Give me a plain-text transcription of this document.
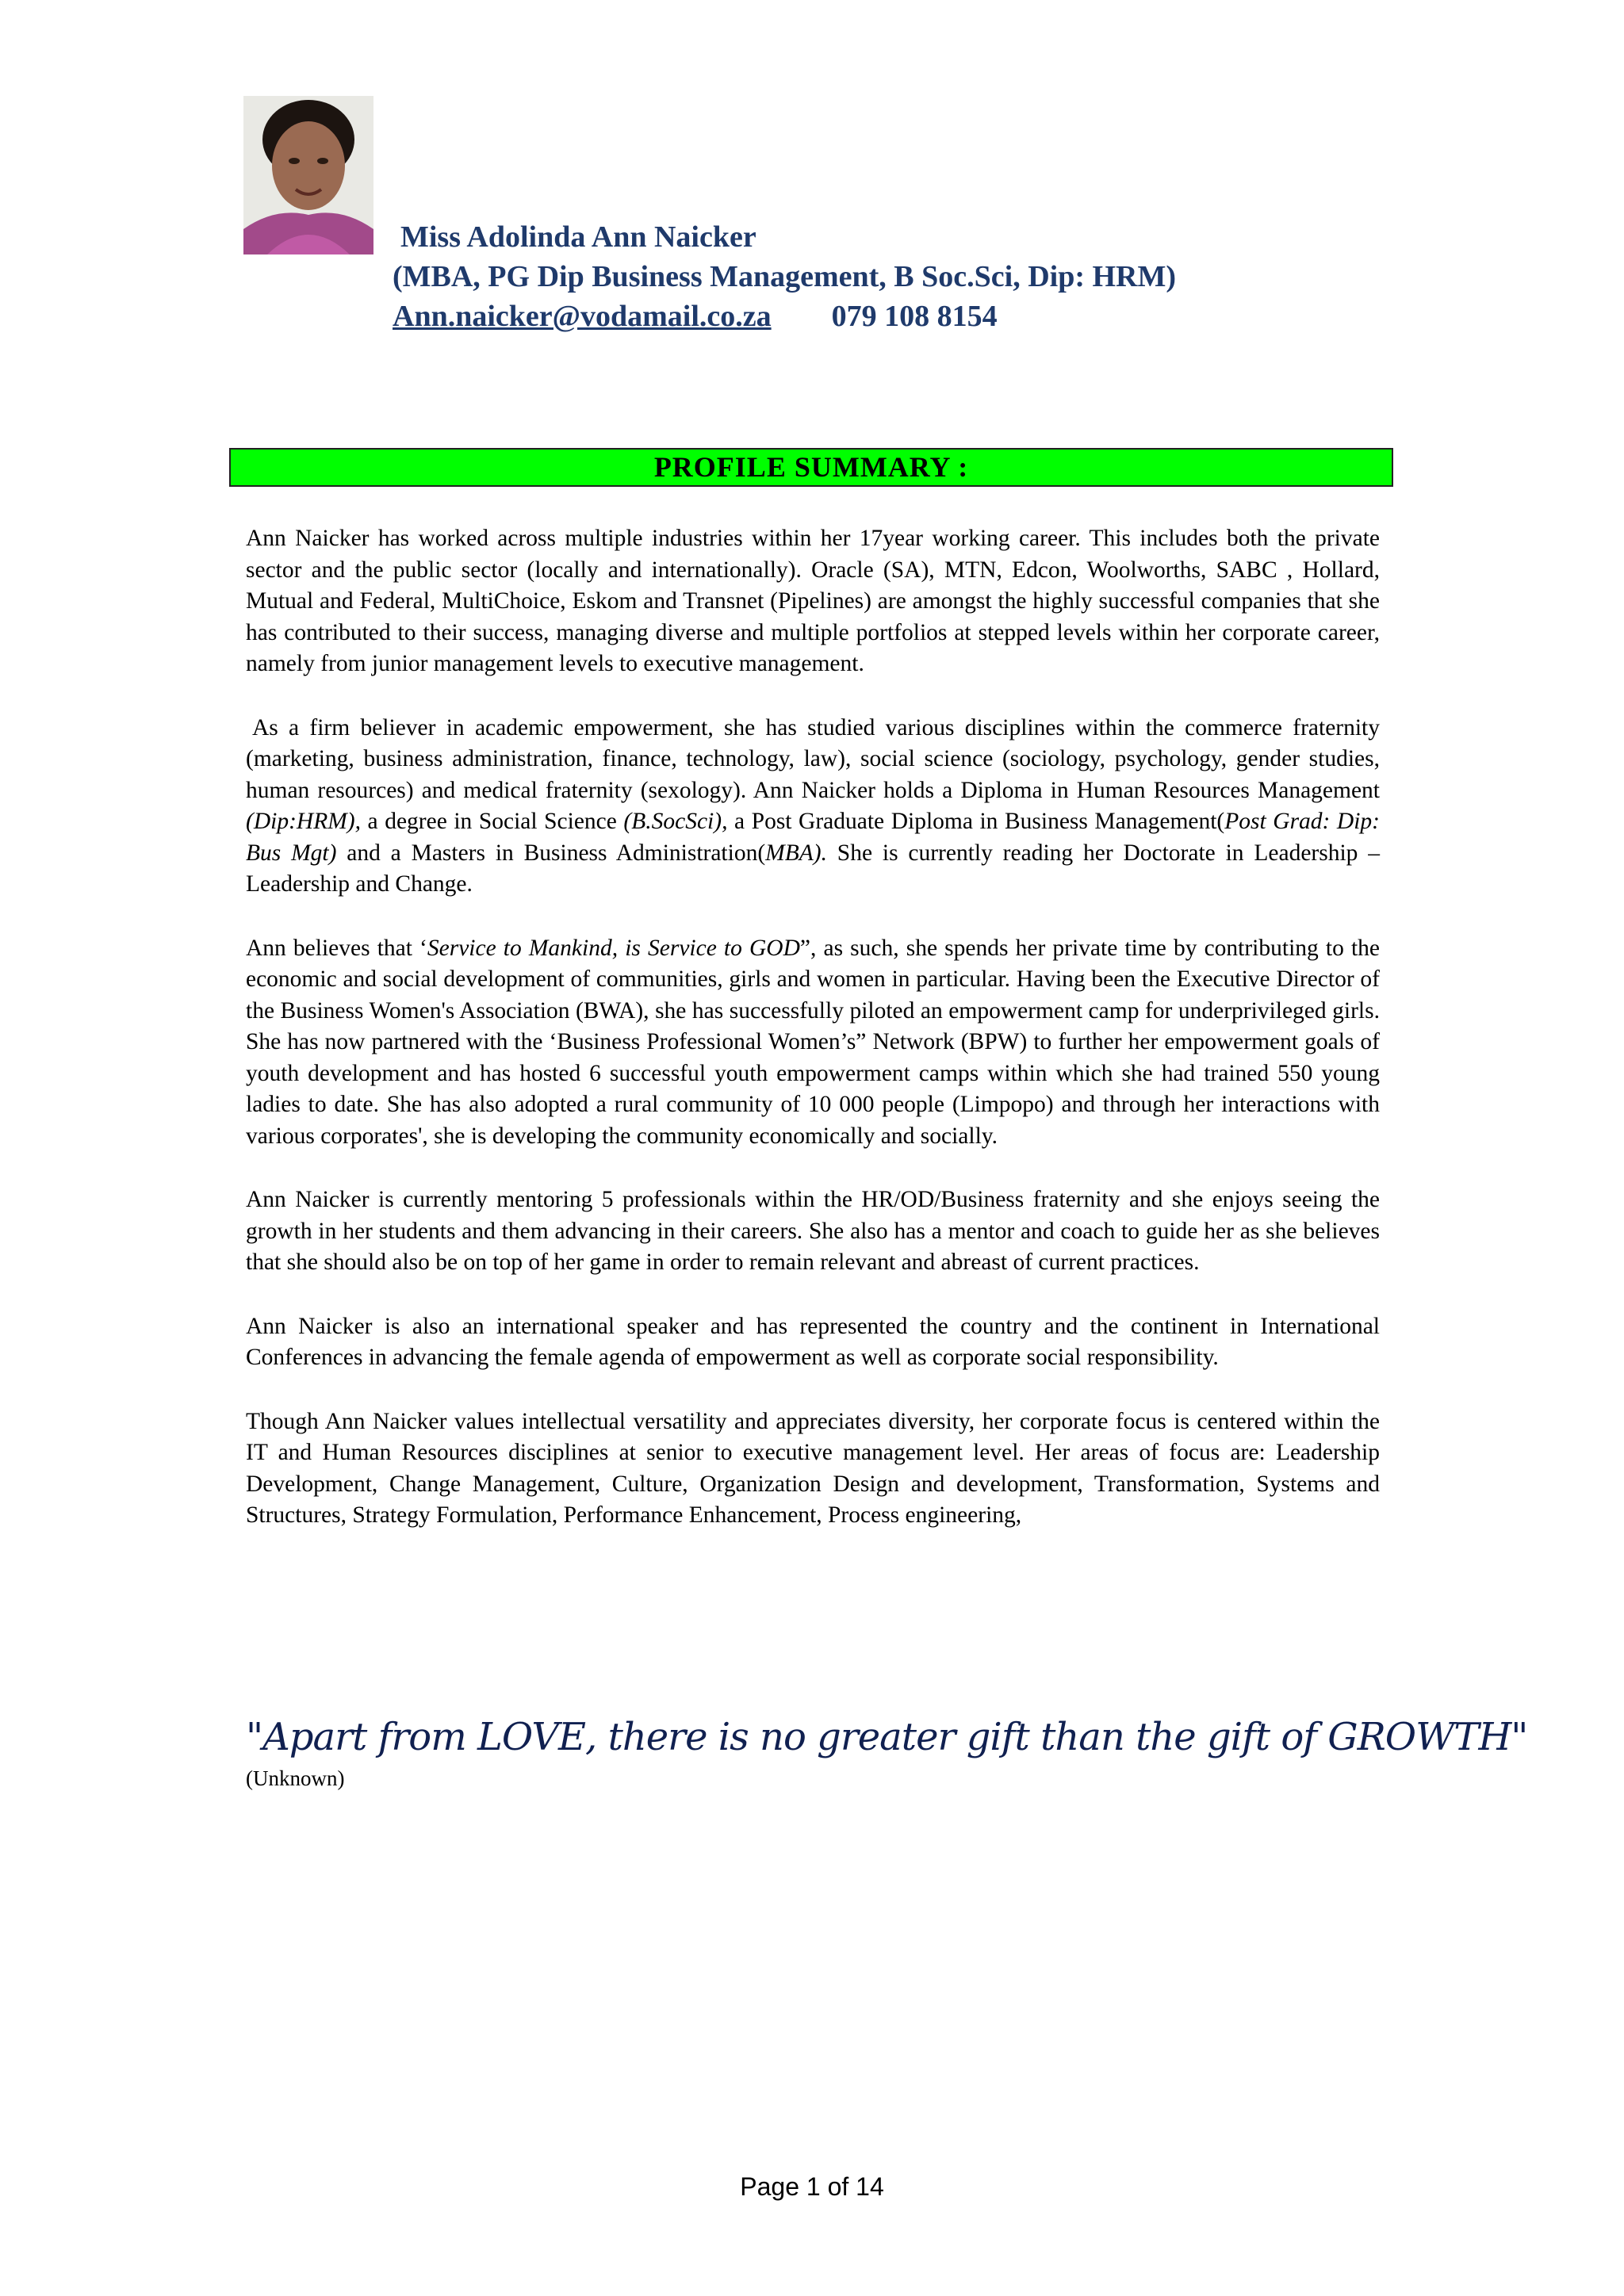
Miss Adolinda Ann Naicker
(MBA, PG Dip Business Management, B Soc.Sci, Dip: HRM)
Ann.naicker@vodamail.co.za 079 108 8154
PROFILE SUMMARY :

Ann Naicker has worked across multiple industries within her 17year working career. This includes both the private sector and the public sector (locally and internationally). Oracle (SA), MTN, Edcon, Woolworths, SABC , Hollard, Mutual and Federal, MultiChoice, Eskom and Transnet (Pipelines) are amongst the highly successful companies that she has contributed to their success, managing diverse and multiple portfolios at stepped levels within her corporate career, namely from junior management levels to executive management.

As a firm believer in academic empowerment, she has studied various disciplines within the commerce fraternity (marketing, business administration, finance, technology, law), social science (sociology, psychology, gender studies, human resources) and medical fraternity (sexology). Ann Naicker holds a Diploma in Human Resources Management (Dip:HRM), a degree in Social Science (B.SocSci), a Post Graduate Diploma in Business Management(Post Grad: Dip: Bus Mgt) and a Masters in Business Administration(MBA). She is currently reading her Doctorate in Leadership – Leadership and Change.

Ann believes that ‘Service to Mankind, is Service to GOD”, as such, she spends her private time by contributing to the economic and social development of communities, girls and women in particular. Having been the Executive Director of the Business Women's Association (BWA), she has successfully piloted an empowerment camp for underprivileged girls. She has now partnered with the ‘Business Professional Women’s” Network (BPW) to further her empowerment goals of youth development and has hosted 6 successful youth empowerment camps within which she had trained 550 young ladies to date. She has also adopted a rural community of 10 000 people (Limpopo) and through her interactions with various corporates', she is developing the community economically and socially.

Ann Naicker is currently mentoring 5 professionals within the HR/OD/Business fraternity and she enjoys seeing the growth in her students and them advancing in their careers. She also has a mentor and coach to guide her as she believes that she should also be on top of her game in order to remain relevant and abreast of current practices.

Ann Naicker is also an international speaker and has represented the country and the continent in International Conferences in advancing the female agenda of empowerment as well as corporate social responsibility.

Though Ann Naicker values intellectual versatility and appreciates diversity, her corporate focus is centered within the IT and Human Resources disciplines at senior to executive management level. Her areas of focus are: Leadership Development, Change Management, Culture, Organization Design and development, Transformation, Systems and Structures, Strategy Formulation, Performance Enhancement, Process engineering,

"Apart from LOVE, there is no greater gift than the gift of GROWTH"
(Unknown)
Page 1 of 14
